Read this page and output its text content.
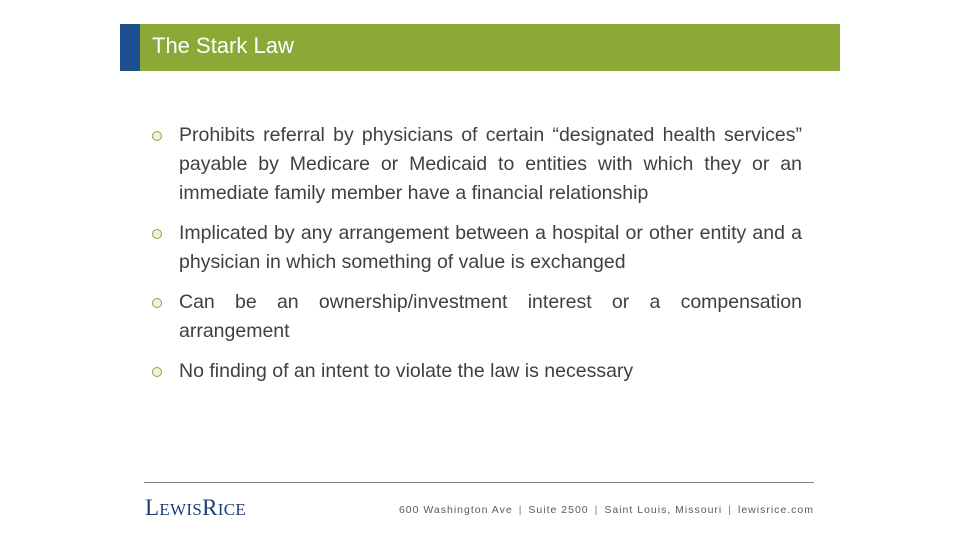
The Stark Law
Prohibits referral by physicians of certain “designated health services” payable by Medicare or Medicaid to entities with which they or an immediate family member have a financial relationship
Implicated by any arrangement between a hospital or other entity and a physician in which something of value is exchanged
Can be an ownership/investment interest or a compensation arrangement
No finding of an intent to violate the law is necessary
LEWISRICE	600 Washington Ave | Suite 2500 | Saint Louis, Missouri | lewisrice.com
